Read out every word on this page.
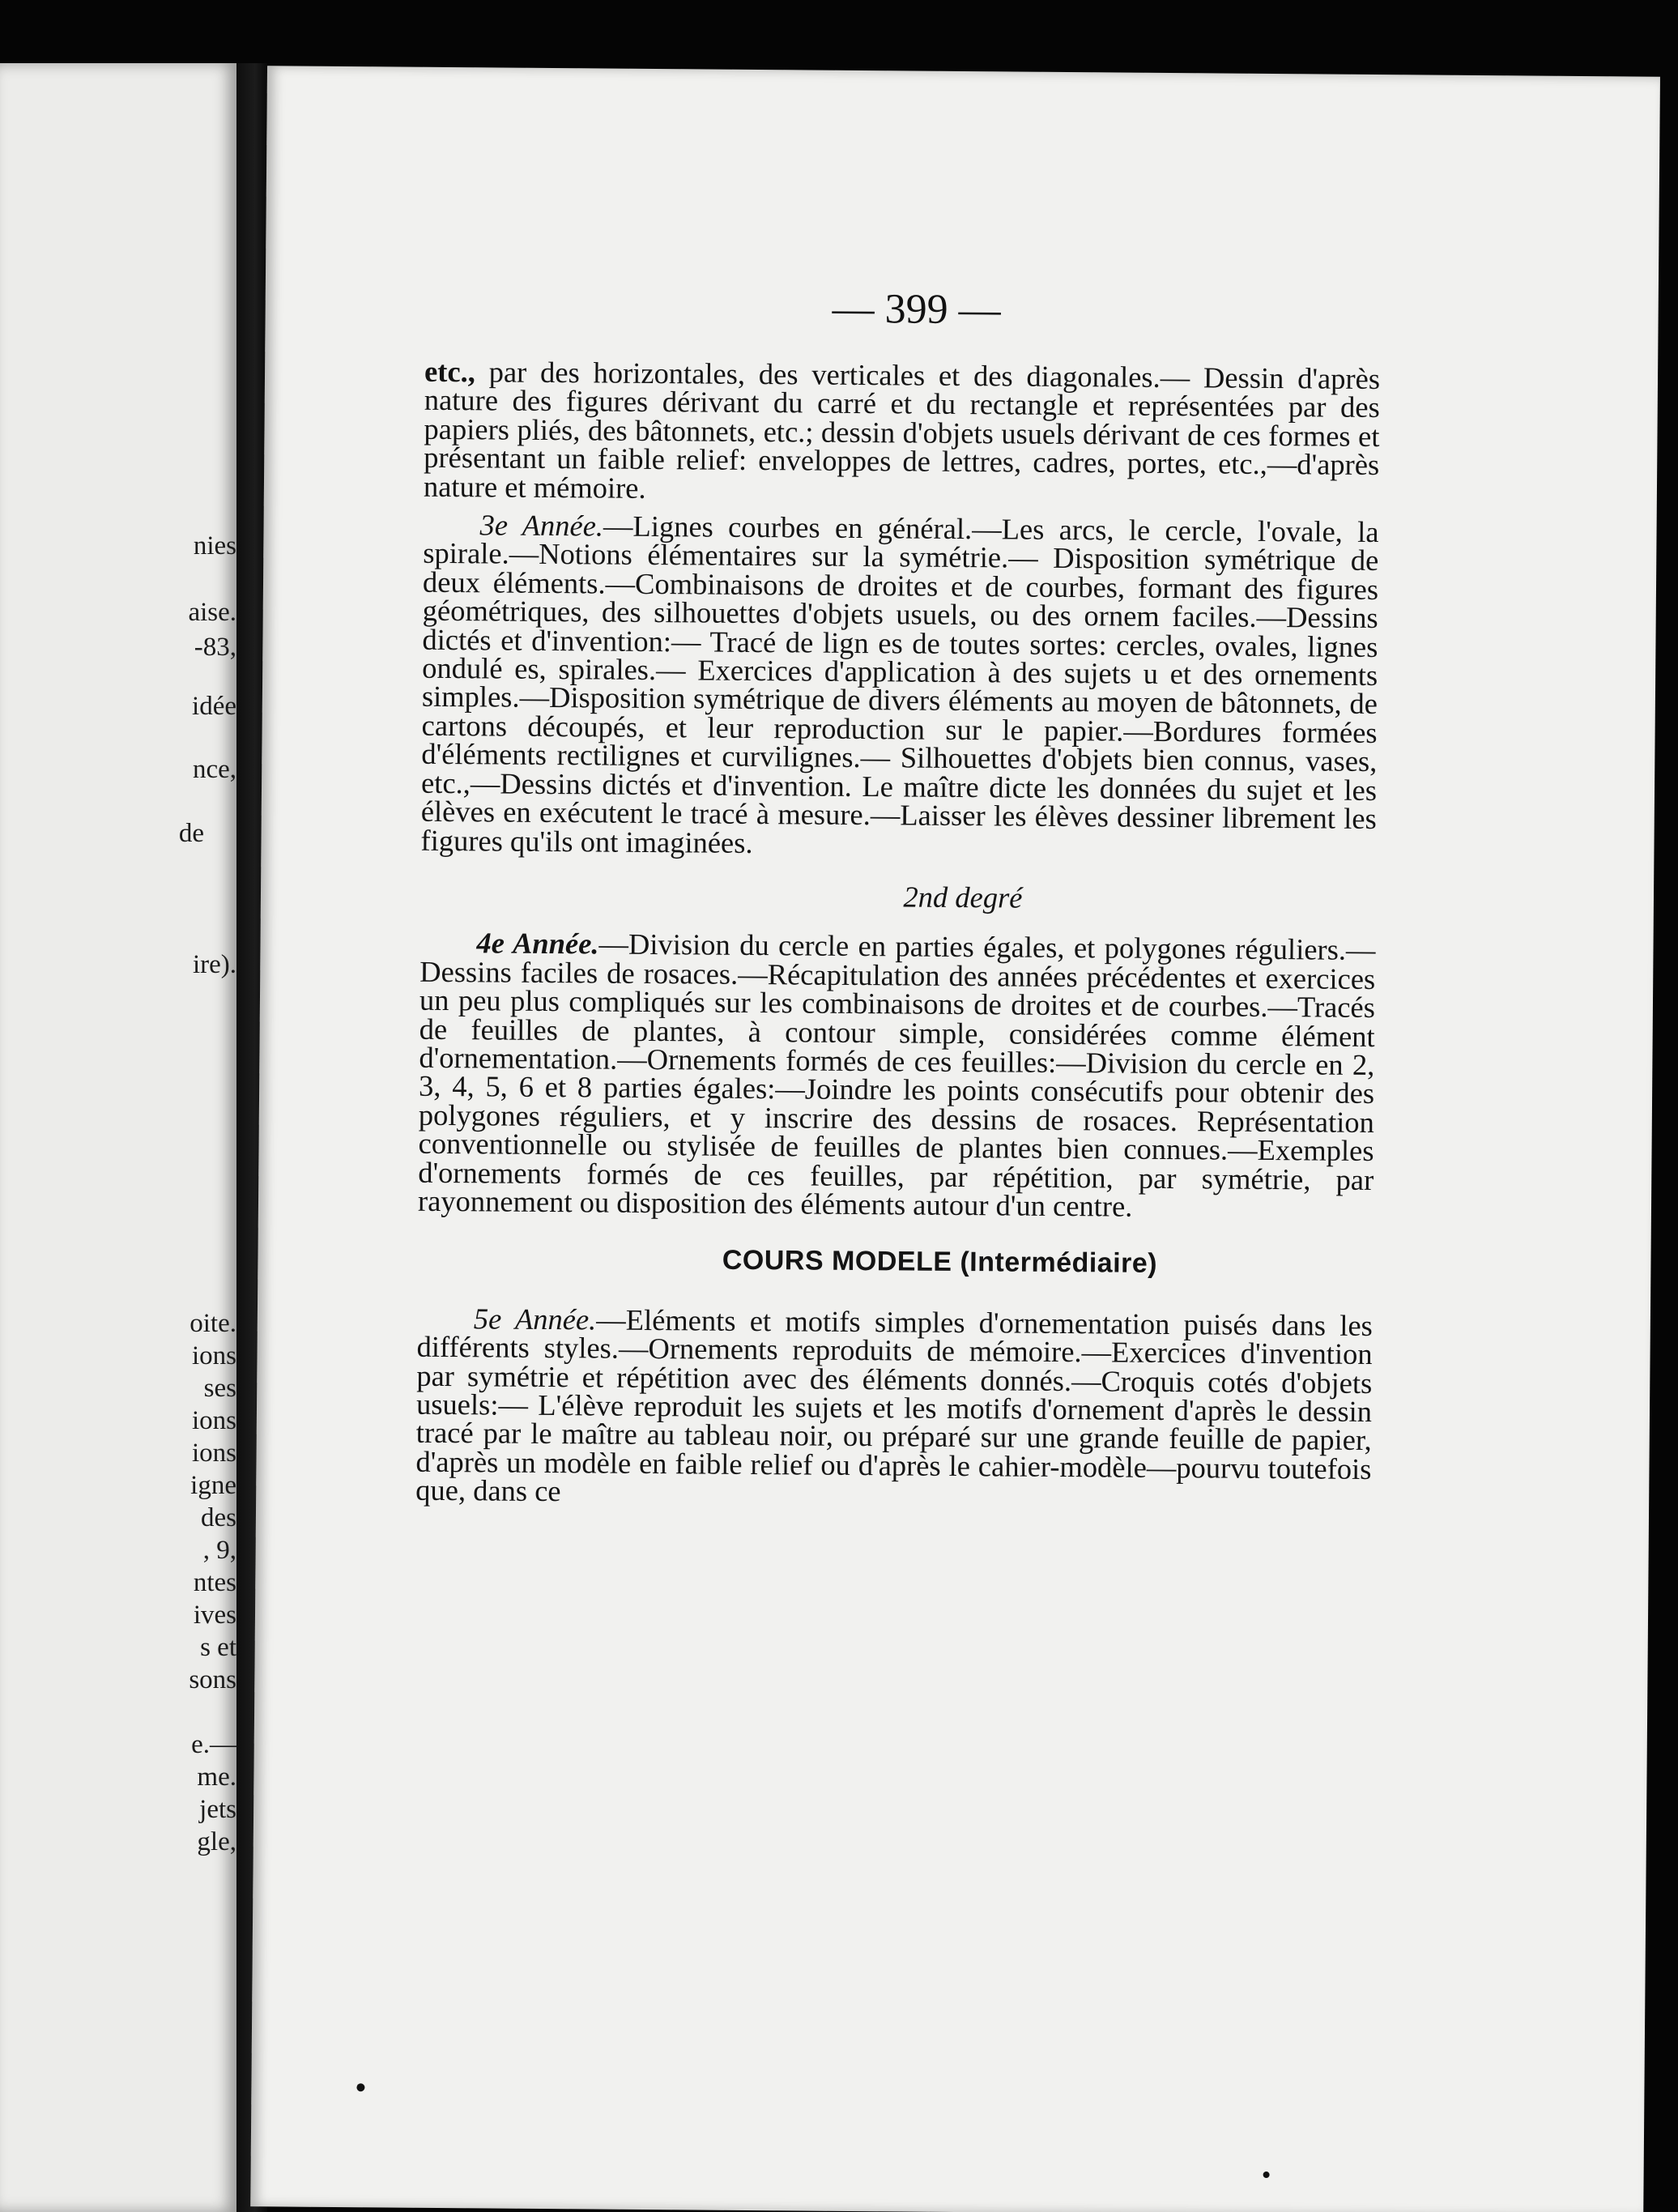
nies
aise.
-83,
idée
nce,
de
ire).
oite.
ions
ses
ions
ions
igne
des
, 9,
ntes
ives
s et
sons
e.—
me.
jets
gle,
— 399 —

etc., par des horizontales, des verticales et des diagonales.— Dessin d'après nature des figures dérivant du carré et du rectangle et représentées par des papiers pliés, des bâtonnets, etc.; dessin d'objets usuels dérivant de ces formes et présentant un faible relief: enveloppes de lettres, cadres, portes, etc.,—d'après nature et mémoire.

3e Année.—Lignes courbes en général.—Les arcs, le cercle, l'ovale, la spirale.—Notions élémentaires sur la symétrie.— Disposition symétrique de deux éléments.—Combinaisons de droites et de courbes, formant des figures géométriques, des silhouettes d'objets usuels, ou des ornem faciles.—Dessins dictés et d'invention:— Tracé de lign es de toutes sortes: cercles, ovales, lignes ondulé es, spirales.— Exercices d'application à des sujets u et des ornements simples.—Disposition symétrique de divers éléments au moyen de bâtonnets, de cartons découpés, et leur reproduction sur le papier.—Bordures formées d'éléments rectilignes et curvilignes.— Silhouettes d'objets bien connus, vases, etc.,—Dessins dictés et d'invention. Le maître dicte les données du sujet et les élèves en exécutent le tracé à mesure.—Laisser les élèves dessiner librement les figures qu'ils ont imaginées.

2nd degré

4e Année.—Division du cercle en parties égales, et polygones réguliers.—Dessins faciles de rosaces.—Récapitulation des années précédentes et exercices un peu plus compliqués sur les combinaisons de droites et de courbes.—Tracés de feuilles de plantes, à contour simple, considérées comme élément d'ornementation.—Ornements formés de ces feuilles:—Division du cercle en 2, 3, 4, 5, 6 et 8 parties égales:—Joindre les points consécutifs pour obtenir des polygones réguliers, et y inscrire des dessins de rosaces. Représentation conventionnelle ou stylisée de feuilles de plantes bien connues.—Exemples d'ornements formés de ces feuilles, par répétition, par symétrie, par rayonnement ou disposition des éléments autour d'un centre.

COURS MODELE (Intermédiaire)

5e Année.—Eléments et motifs simples d'ornementation puisés dans les différents styles.—Ornements reproduits de mémoire.—Exercices d'invention par symétrie et répétition avec des éléments donnés.—Croquis cotés d'objets usuels:— L'élève reproduit les sujets et les motifs d'ornement d'après le dessin tracé par le maître au tableau noir, ou préparé sur une grande feuille de papier, d'après un modèle en faible relief ou d'après le cahier-modèle—pourvu toutefois que, dans ce
